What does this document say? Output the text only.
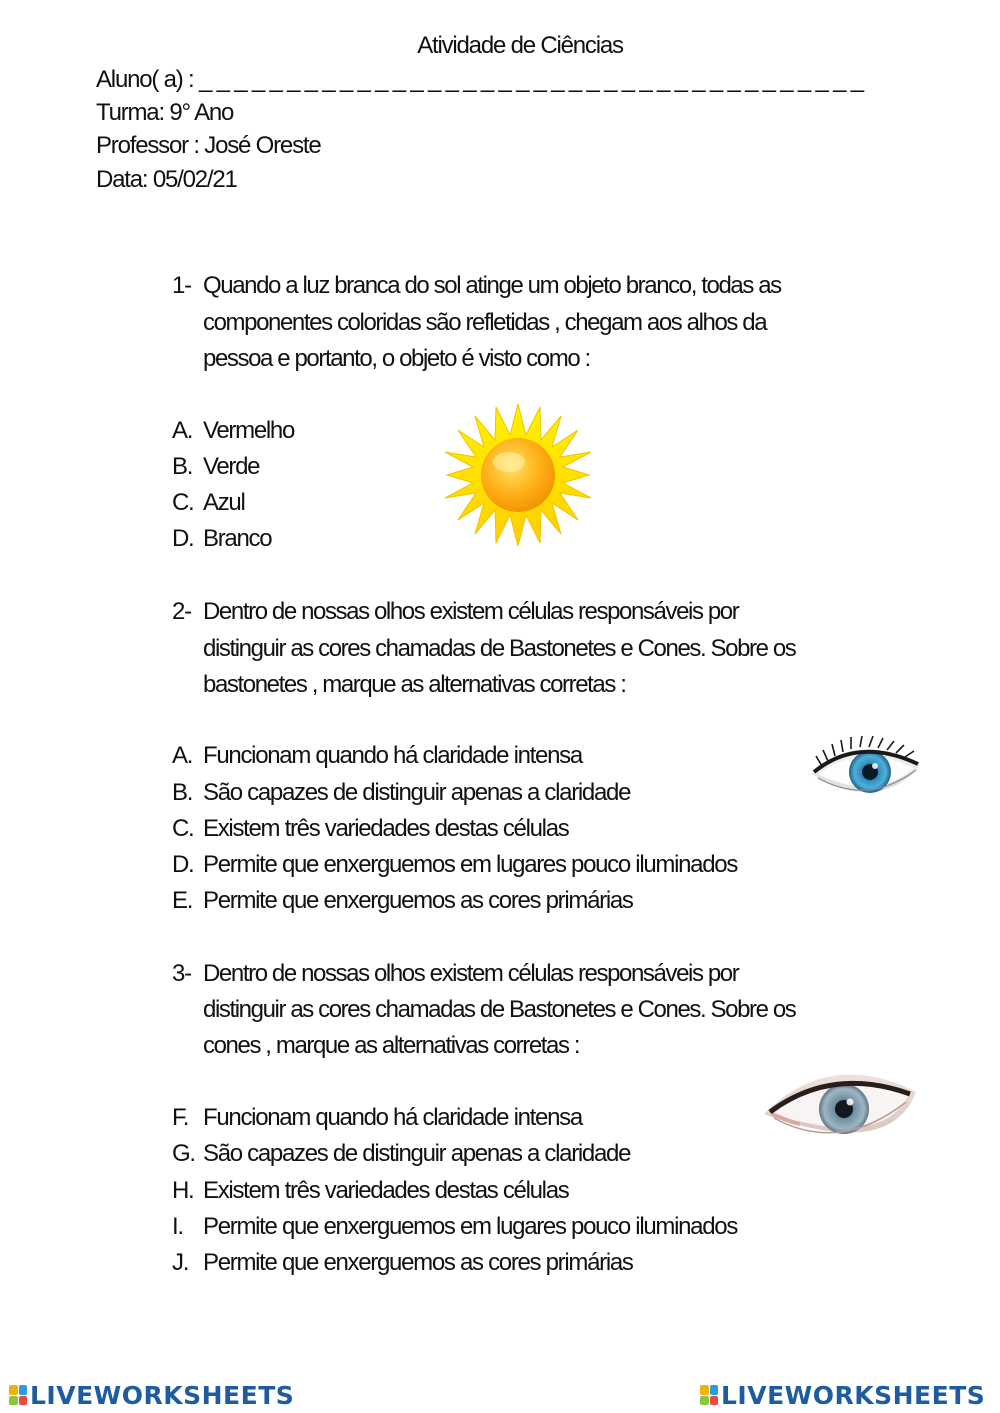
Atividade de Ciências
Aluno( a) : _ _ _ _ _ _ _ _ _ _ _ _ _ _ _ _ _ _ _ _ _ _ _ _ _ _ _ _ _ _ _ _ _ _ _ _ _ _
Turma: 9° Ano
Professor : José Oreste
Data: 05/02/21
1- Quando a luz branca do sol atinge um objeto branco, todas as
componentes coloridas são refletidas , chegam aos alhos da
pessoa e portanto, o objeto é visto como :
A. Vermelho
B. Verde
C. Azul
D. Branco
2- Dentro de nossas olhos existem células responsáveis por
distinguir as cores chamadas de Bastonetes e Cones. Sobre os
bastonetes , marque as alternativas corretas :
A. Funcionam quando há claridade intensa
B. São capazes de distinguir apenas a claridade
C. Existem três variedades destas células
D. Permite que enxerguemos em lugares pouco iluminados
E. Permite que enxerguemos as cores primárias
3- Dentro de nossas olhos existem células responsáveis por
distinguir as cores chamadas de Bastonetes e Cones. Sobre os
cones , marque as alternativas corretas :
F. Funcionam quando há claridade intensa
G. São capazes de distinguir apenas a claridade
H. Existem três variedades destas células
I. Permite que enxerguemos em lugares pouco iluminados
J. Permite que enxerguemos as cores primárias
LIVEWORKSHEETS	LIVEWORKSHEETS
